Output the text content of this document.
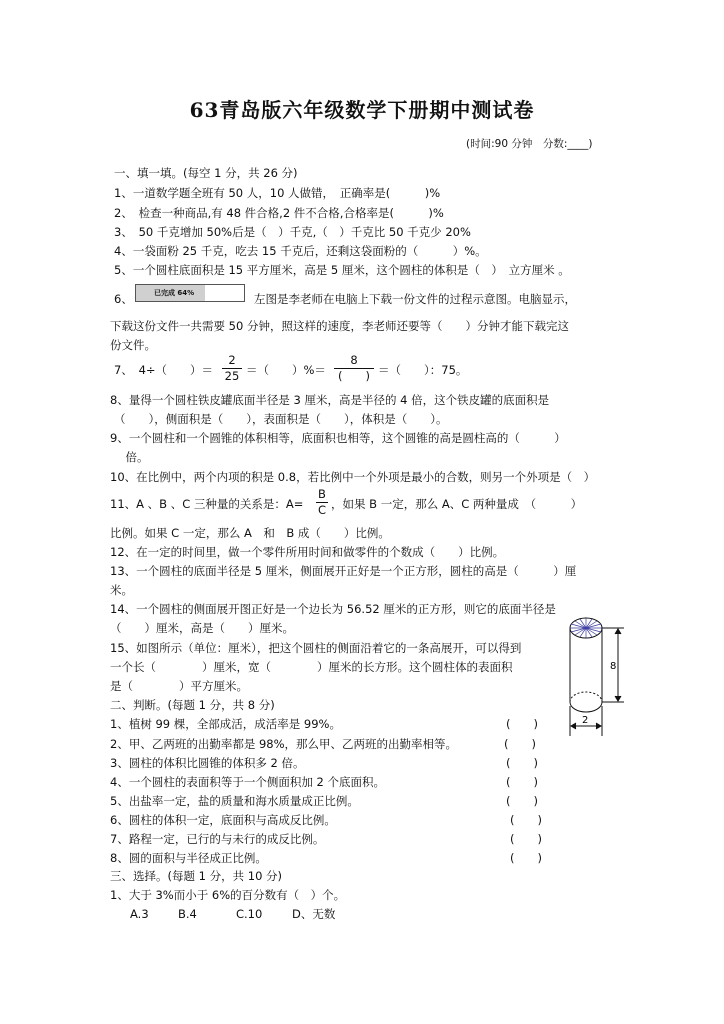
63青岛版六年级数学下册期中测试卷
(时间:90 分钟　分数:____)
一、填一填。(每空 1 分，共 26 分)
1、一道数学题全班有 50 人，10 人做错，　正确率是(　　　)%
2、　检查一种商品,有 48 件合格,2 件不合格,合格率是(　　　)%
3、　50 千克增加 50%后是（　）千克,（　）千克比 50 千克少 20%
4、一袋面粉 25 千克，吃去 15 千克后，还剩这袋面粉的（　　　）%。
5、一个圆柱底面积是 15 平方厘米，高是 5 厘米，这个圆柱的体积是（　）　立方厘米 。
6、	已完成 64%	左图是李老师在电脑上下载一份文件的过程示意图。电脑显示，
下载这份文件一共需要 50 分钟，照这样的速度，李老师还要等（　　）分钟才能下载完这
份文件。
7、　4÷（　　）＝
2
25 ＝（　　）%＝
8
(　　) ＝（　　）：75。
8、量得一个圆柱铁皮罐底面半径是 3 厘米，高是半径的 4 倍，这个铁皮罐的底面积是
（　　），侧面积是（　　），表面积是（　　），体积是（　　）。
9、一个圆柱和一个圆锥的体积相等，底面积也相等，这个圆锥的高是圆柱高的（　　　）
　倍。
10、在比例中，两个内项的积是 0.8，若比例中一个外项是最小的合数，则另一个外项是（　）
11、A 、B 、C 三种量的关系是：A=
B
C ，如果 B 一定，那么 A、C 两种量成　（　　　）
比例。如果 C 一定，那么 A　和　B 成（　　）比例。
12、在一定的时间里，做一个零件所用时间和做零件的个数成（　　）比例。
13、一个圆柱的底面半径是 5 厘米，侧面展开正好是一个正方形，圆柱的高是（　　　）厘
米。
14、一个圆柱的侧面展开图正好是一个边长为 56.52 厘米的正方形，则它的底面半径是
（　　）厘米，高是（　　）厘米。
15、如图所示（单位：厘米），把这个圆柱的侧面沿着它的一条高展开，可以得到
一个长（　　　　）厘米，宽（　　　　）厘米的长方形。这个圆柱体的表面积
是（　　　　）平方厘米。
8
2
二、判断。(每题 1 分，共 8 分)
1、植树 99 棵，全部成活，成活率是 99%。	(　　)
2、甲、乙两班的出勤率都是 98%，那么甲、乙两班的出勤率相等。	(　　)
3、圆柱的体积比圆锥的体积多 2 倍。	(　　)
4、一个圆柱的表面积等于一个侧面积加 2 个底面积。	(　　)
5、出盐率一定，盐的质量和海水质量成正比例。	(　　)
6、圆柱的体积一定，底面积与高成反比例。	(　　)
7、路程一定，已行的与未行的成反比例。	(　　)
8、圆的面积与半径成正比例。	(　　)
三、选择。(每题 1 分，共 10 分)
1、大于 3%而小于 6%的百分数有（　）个。
A.3	B.4	C.10	D、无数
